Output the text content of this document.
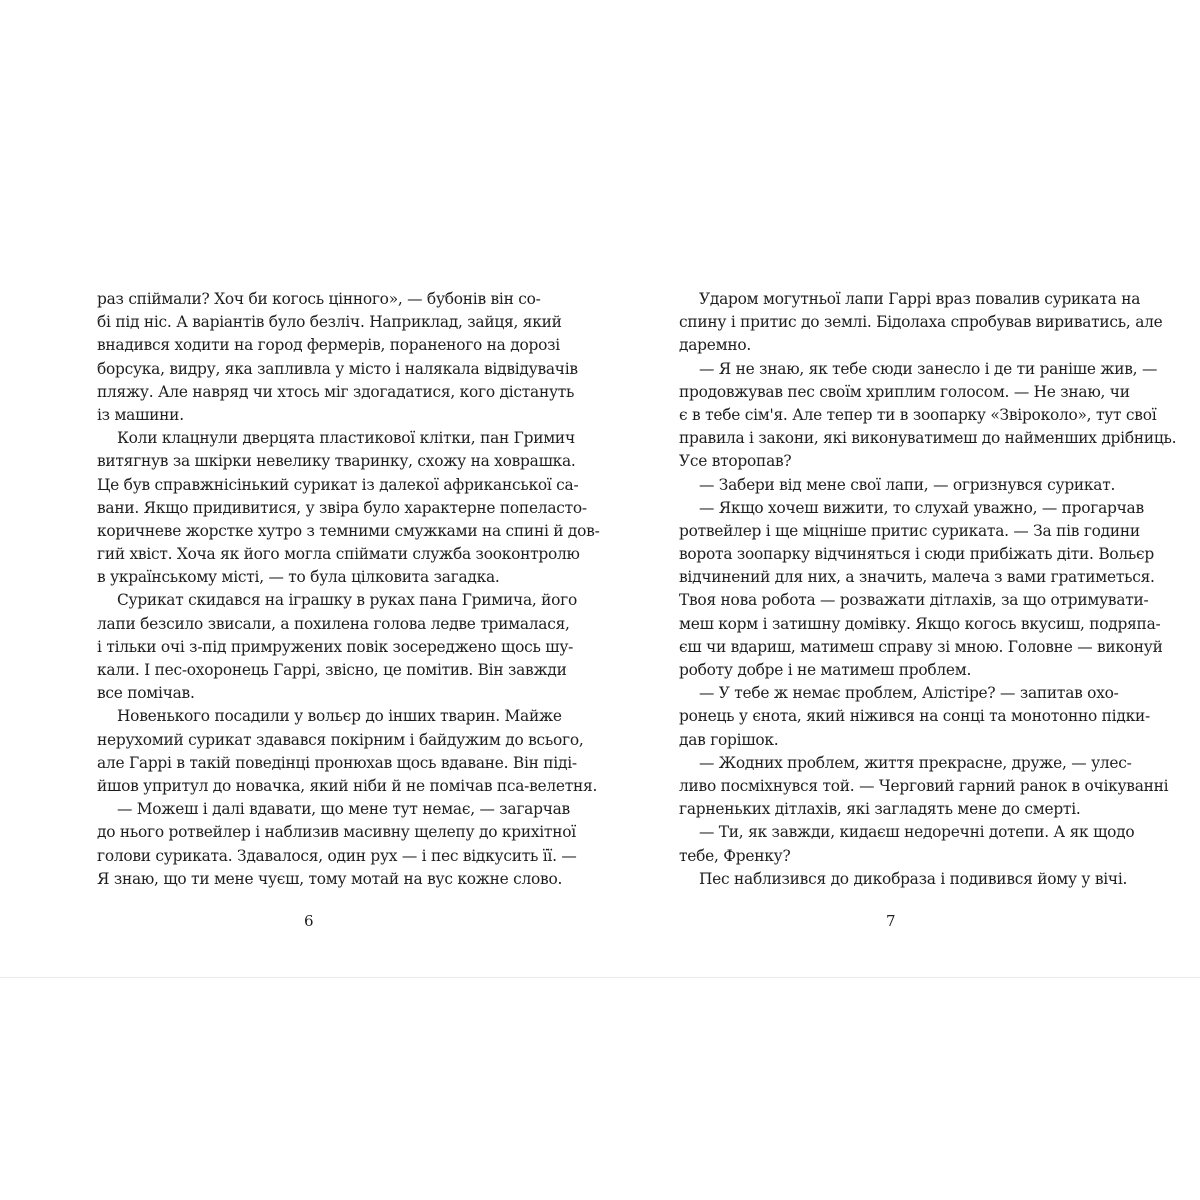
раз спіймали? Хоч би когось цінного», — бубонів він со-
бі під ніс. А варіантів було безліч. Наприклад, зайця, який
внадився ходити на город фермерів, пораненого на дорозі
борсука, видру, яка запливла у місто і налякала відвідувачів
пляжу. Але навряд чи хтось міг здогадатися, кого дістануть
із машини.
Коли клацнули дверцята пластикової клітки, пан Гримич
витягнув за шкірки невелику тваринку, схожу на ховрашка.
Це був справжнісінький сурикат із далекої африканської са-
вани. Якщо придивитися, у звіра було характерне попеласто-
коричневе жорстке хутро з темними смужками на спині й дов-
гий хвіст. Хоча як його могла спіймати служба зооконтролю
в українському місті, — то була цілковита загадка.
Сурикат скидався на іграшку в руках пана Гримича, його
лапи безсило звисали, а похилена голова ледве трималася,
і тільки очі з-під примружених повік зосереджено щось шу-
кали. І пес-охоронець Гаррі, звісно, це помітив. Він завжди
все помічав.
Новенького посадили у вольєр до інших тварин. Майже
нерухомий сурикат здавався покірним і байдужим до всього,
але Гаррі в такій поведінці пронюхав щось вдаване. Він піді-
йшов упритул до новачка, який ніби й не помічав пса-велетня.
— Можеш і далі вдавати, що мене тут немає, — загарчав
до нього ротвейлер і наблизив масивну щелепу до крихітної
голови суриката. Здавалося, один рух — і пес відкусить її. —
Я знаю, що ти мене чуєш, тому мотай на вус кожне слово.
Ударом могутньої лапи Гаррі враз повалив суриката на
спину і притис до землі. Бідолаха спробував вириватись, але
даремно.
— Я не знаю, як тебе сюди занесло і де ти раніше жив, —
продовжував пес своїм хриплим голосом. — Не знаю, чи
є в тебе сім'я. Але тепер ти в зоопарку «Звіроколо», тут свої
правила і закони, які виконуватимеш до найменших дрібниць.
Усе второпав?
— Забери від мене свої лапи, — огризнувся сурикат.
— Якщо хочеш вижити, то слухай уважно, — прогарчав
ротвейлер і ще міцніше притис суриката. — За пів години
ворота зоопарку відчиняться і сюди прибіжать діти. Вольєр
відчинений для них, а значить, малеча з вами гратиметься.
Твоя нова робота — розважати дітлахів, за що отримувати-
меш корм і затишну домівку. Якщо когось вкусиш, подряпа-
єш чи вдариш, матимеш справу зі мною. Головне — виконуй
роботу добре і не матимеш проблем.
— У тебе ж немає проблем, Алістіре? — запитав охо-
ронець у єнота, який ніжився на сонці та монотонно підки-
дав горішок.
— Жодних проблем, життя прекрасне, друже, — улес-
ливо посміхнувся той. — Черговий гарний ранок в очікуванні
гарненьких дітлахів, які загладять мене до смерті.
— Ти, як завжди, кидаєш недоречні дотепи. А як щодо
тебе, Френку?
Пес наблизився до дикобраза і подивився йому у вічі.
6	7
